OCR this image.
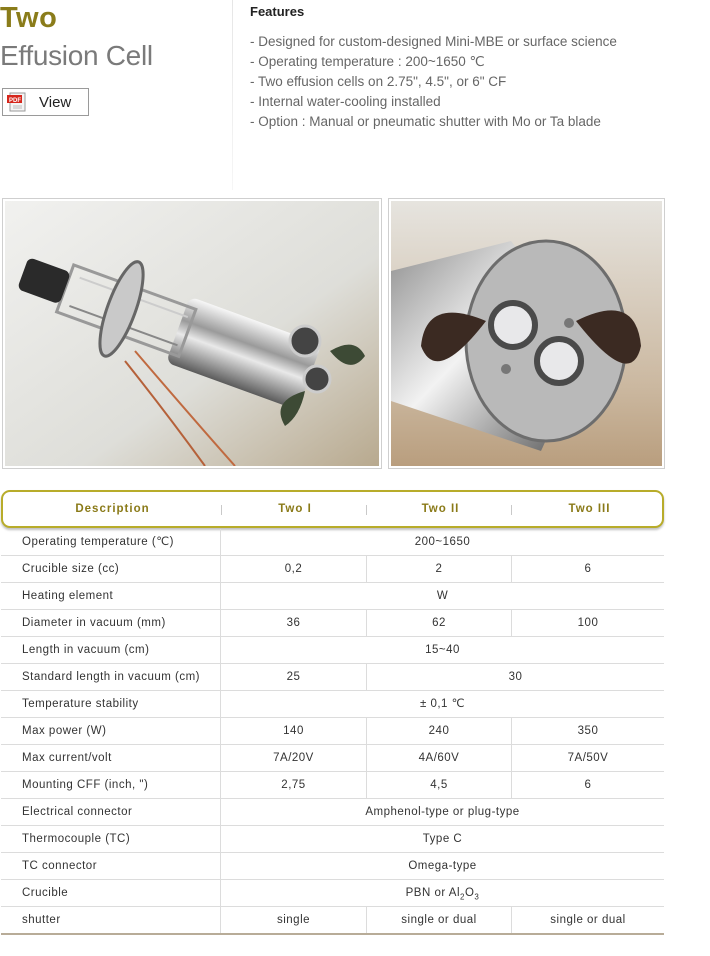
Two
Effusion Cell
PDF View
Features
- Designed for custom-designed Mini-MBE or surface science
- Operating temperature : 200~1650 ℃
- Two effusion cells on 2.75", 4.5", or 6" CF
- Internal water-cooling installed
- Option : Manual or pneumatic shutter with Mo or Ta blade
Description	Two I	Two II	Two III
Operating temperature (℃)	200~1650
Crucible size (cc)	0,2	2	6
Heating element	W
Diameter in vacuum (mm)	36	62	100
Length in vacuum (cm)	15~40
Standard length in vacuum (cm)	25	30
Temperature stability	± 0,1 ℃
Max power (W)	140	240	350
Max current/volt	7A/20V	4A/60V	7A/50V
Mounting CFF (inch, ")	2,75	4,5	6
Electrical connector	Amphenol-type or plug-type
Thermocouple (TC)	Type C
TC connector	Omega-type
Crucible	PBN or $Al_2O_3$
shutter	single	single or dual	single or dual
